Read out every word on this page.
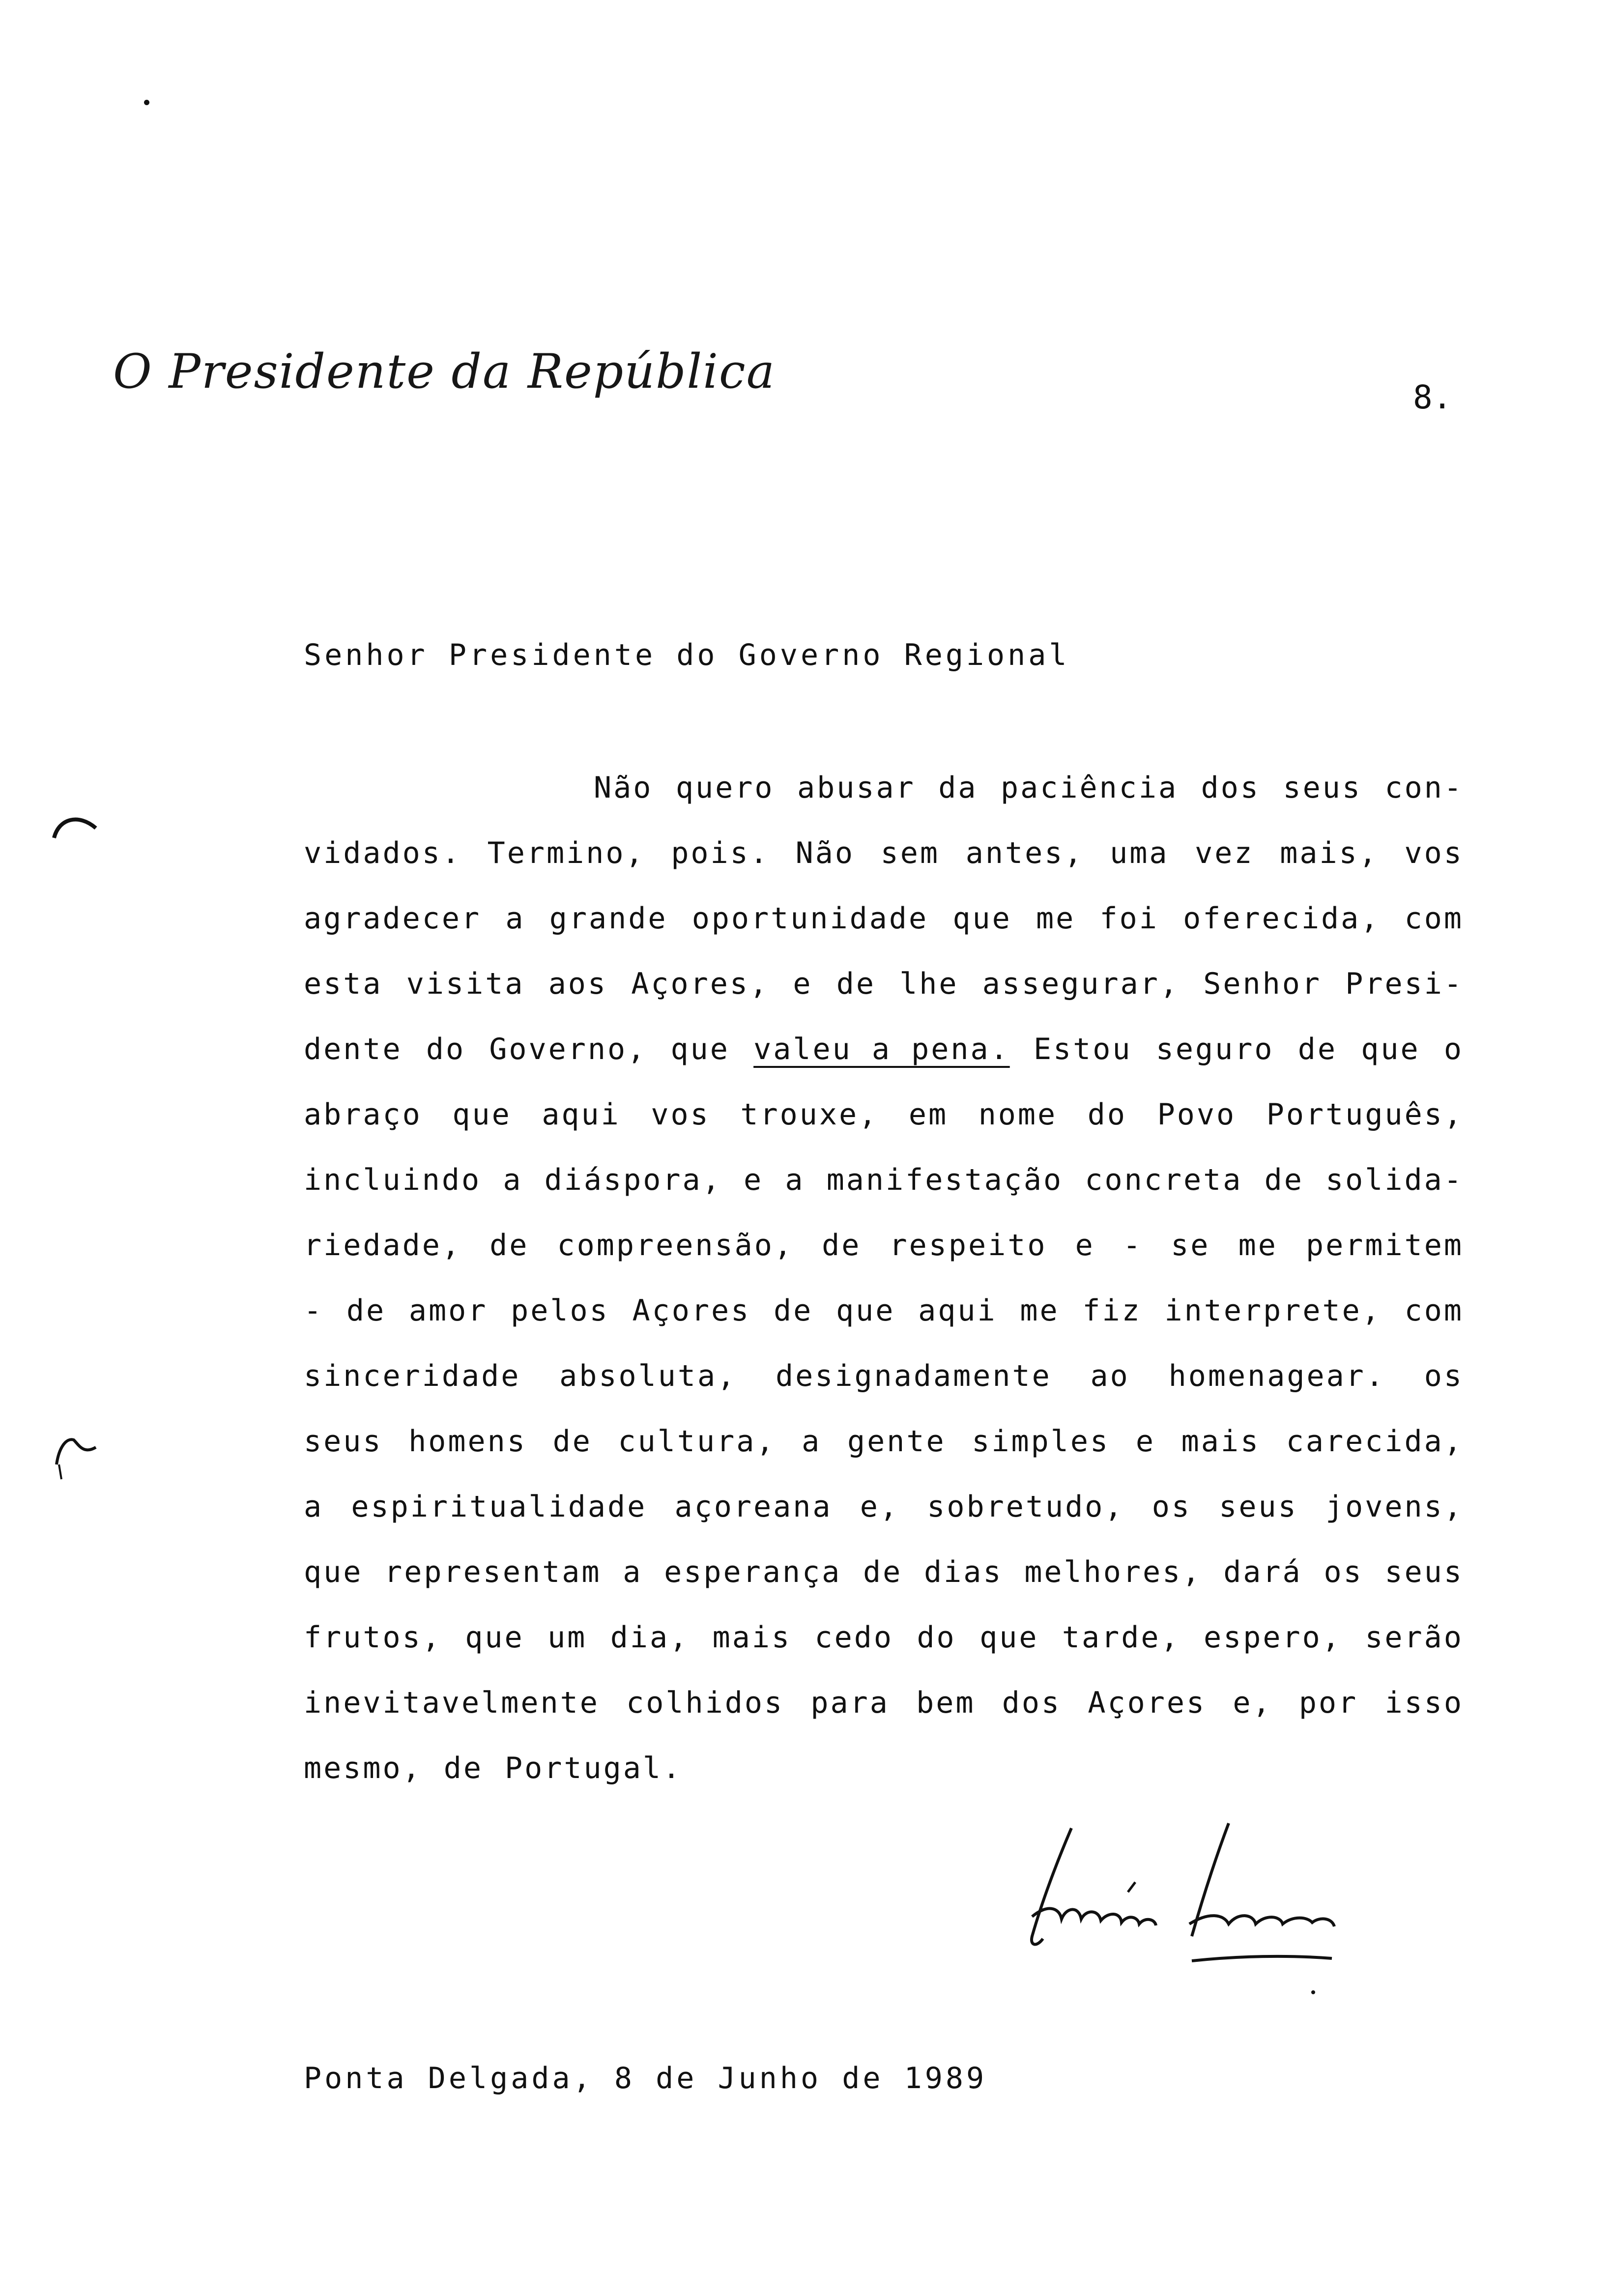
O Presidente da República	8.
Senhor Presidente do Governo Regional
Não quero abusar da paciência dos seus con-
vidados. Termino, pois. Não sem antes, uma vez mais, vos
agradecer a grande oportunidade que me foi oferecida, com
esta visita aos Açores, e de lhe assegurar, Senhor Presi-
dente do Governo, que valeu a pena. Estou seguro de que o
abraço que aqui vos trouxe, em nome do Povo Português,
incluindo a diáspora, e a manifestação concreta de solida-
riedade, de compreensão, de respeito e - se me permitem
- de amor pelos Açores de que aqui me fiz interprete, com
sinceridade absoluta, designadamente ao homenagear. os
seus homens de cultura, a gente simples e mais carecida,
a espiritualidade açoreana e, sobretudo, os seus jovens,
que representam a esperança de dias melhores, dará os seus
frutos, que um dia, mais cedo do que tarde, espero, serão
inevitavelmente colhidos para bem dos Açores e, por isso
mesmo, de Portugal.
Ponta Delgada, 8 de Junho de 1989
